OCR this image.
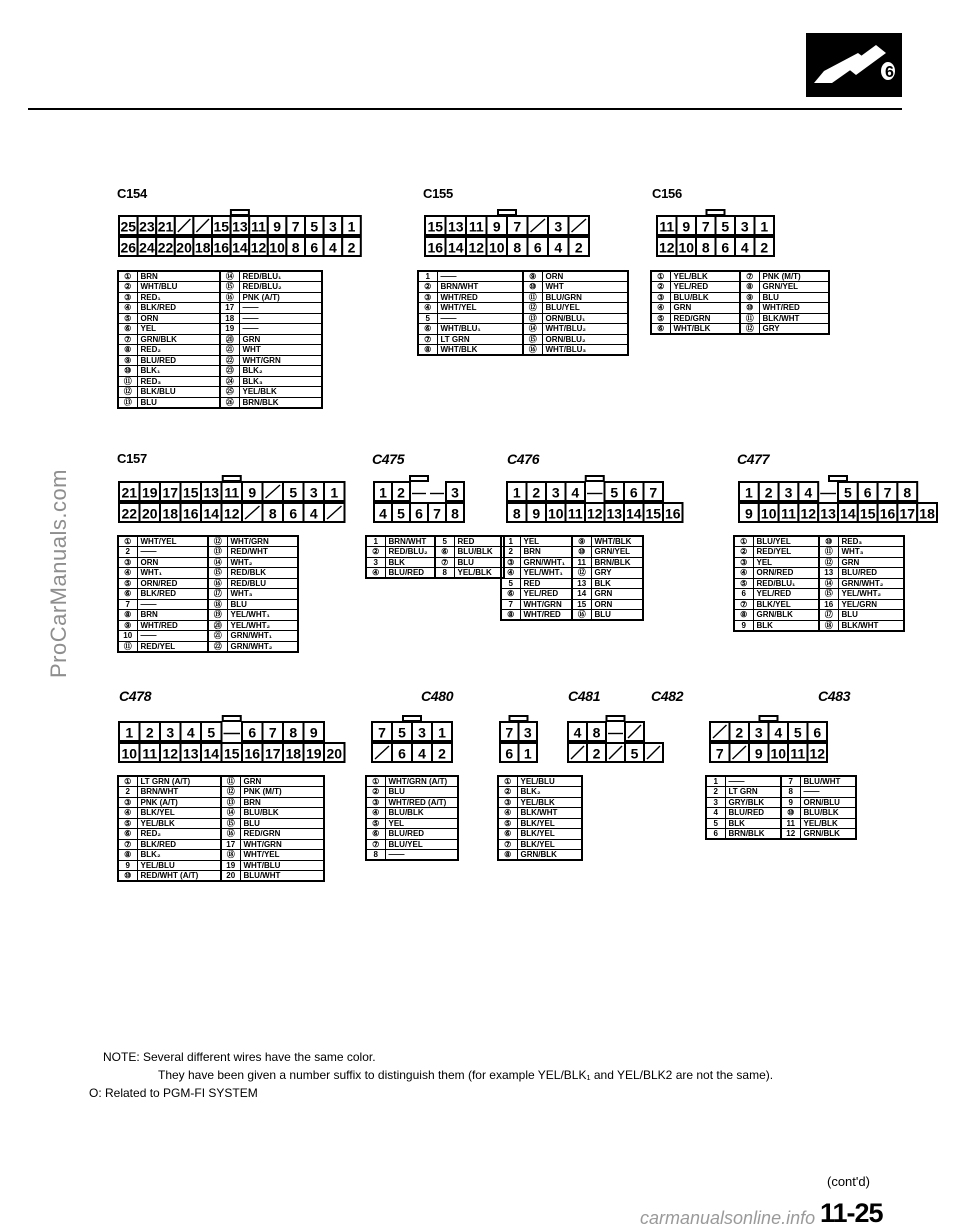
6
ProCarManuals.com
C154
25 23 21	15 13 11 9 7 5 3 1
26 24 22 20 18 16 14 12 10 8 6 4 2
①	BRN	⑭	RED/BLU₁
②	WHT/BLU	⑮	RED/BLU₂
③	RED₁	⑯	PNK (A/T)
④	BLK/RED	17	——
⑤	ORN	18	——
⑥	YEL	19	——
⑦	GRN/BLK	⑳	GRN
⑧	RED₂	㉑	WHT
⑨	BLU/RED	㉒	WHT/GRN
⑩	BLK₁	㉓	BLK₂
⑪	RED₃	㉔	BLK₃
⑫	BLK/BLU	㉕	YEL/BLK
⑬	BLU	㉖	BRN/BLK
C155
15 13 11 9 7 3
16 14 12 10 8 6 4 2
1	——	⑨	ORN
②	BRN/WHT	⑩	WHT
③	WHT/RED	⑪	BLU/GRN
④	WHT/YEL	⑫	BLU/YEL
5	——	⑬	ORN/BLU₁
⑥	WHT/BLU₁	⑭	WHT/BLU₂
⑦	LT GRN	⑮	ORN/BLU₂
⑧	WHT/BLK	⑯	WHT/BLU₃
C156
11 9 7 5 3 1
12 10 8 6 4 2
①	YEL/BLK	⑦	PNK (M/T)
②	YEL/RED	⑧	GRN/YEL
③	BLU/BLK	⑨	BLU
④	GRN	⑩	WHT/RED
⑤	RED/GRN	⑪	BLK/WHT
⑥	WHT/BLK	⑫	GRY
C157
21 19 17 15 13 11 9 5 3 1
22 20 18 16 14 12 8 6 4
①	WHT/YEL	⑫	WHT/GRN
2	——	⑬	RED/WHT
③	ORN	⑭	WHT₂
④	WHT₁	⑮	RED/BLK
⑤	ORN/RED	⑯	RED/BLU
⑥	BLK/RED	⑰	WHT₃
7	——	⑱	BLU
⑧	BRN	⑲	YEL/WHT₁
⑨	WHT/RED	⑳	YEL/WHT₂
10	——	㉑	GRN/WHT₁
⑪	RED/YEL	㉒	GRN/WHT₂
C475
1 2	3
4 5 6 7 8
1	BRN/WHT	5	RED
②	RED/BLU₂	⑥	BLU/BLK
3	BLK	⑦	BLU
④	BLU/RED	8	YEL/BLK
C476
1 2 3 4 5 6 7
8 9 10 11 12 13 14 15 16
1	YEL	⑨	WHT/BLK
2	BRN	⑩	GRN/YEL
③	GRN/WHT₁	11	BRN/BLK
④	YEL/WHT₁	⑫	GRY
5	RED	13	BLK
⑥	YEL/RED	14	GRN
7	WHT/GRN	15	ORN
⑧	WHT/RED	⑯	BLU
C477
1 2 3 4 5 6 7 8
9 10 11 12 13 14 15 16 17 18
①	BLU/YEL	⑩	RED₃
②	RED/YEL	⑪	WHT₃
③	YEL	⑫	GRN
④	ORN/RED	13	BLU/RED
⑤	RED/BLU₁	⑭	GRN/WHT₂
6	YEL/RED	⑮	YEL/WHT₂
⑦	BLK/YEL	16	YEL/GRN
⑧	GRN/BLK	⑰	BLU
9	BLK	⑱	BLK/WHT
C478
1 2 3 4 5 6 7 8 9
10 11 12 13 14 15 16 17 18 19 20
①	LT GRN (A/T)	⑪	GRN
2	BRN/WHT	⑫	PNK (M/T)
③	PNK (A/T)	⑬	BRN
④	BLK/YEL	⑭	BLU/BLK
⑤	YEL/BLK	⑮	BLU
⑥	RED₂	⑯	RED/GRN
⑦	BLK/RED	17	WHT/GRN
⑧	BLK₂	⑱	WHT/YEL
9	YEL/BLU	19	WHT/BLU
⑩	RED/WHT (A/T)	20	BLU/WHT
C480
7 5 3 1
6 4 2
①	WHT/GRN (A/T)
②	BLU
③	WHT/RED (A/T)
④	BLU/BLK
⑤	YEL
⑥	BLU/RED
⑦	BLU/YEL
8	——
C481
7 3
6 1
C482
4 8
2 5
①	YEL/BLU
②	BLK₂
③	YEL/BLK
④	BLK/WHT
⑤	BLK/YEL
⑥	BLK/YEL
⑦	BLK/YEL
⑧	GRN/BLK
C483
2 3 4 5 6
7 9 10 11 12
1	——	7	BLU/WHT
2	LT GRN	8	——
3	GRY/BLK	9	ORN/BLU
4	BLU/RED	⑩	BLU/BLK
5	BLK	11	YEL/BLK
6	BRN/BLK	12	GRN/BLK
NOTE: Several different wires have the same color.
They have been given a number suffix to distinguish them (for example YEL/BLK₁ and YEL/BLK2 are not the same).
O: Related to PGM-FI SYSTEM
(cont'd)
11-25
carmanualsonline.info
